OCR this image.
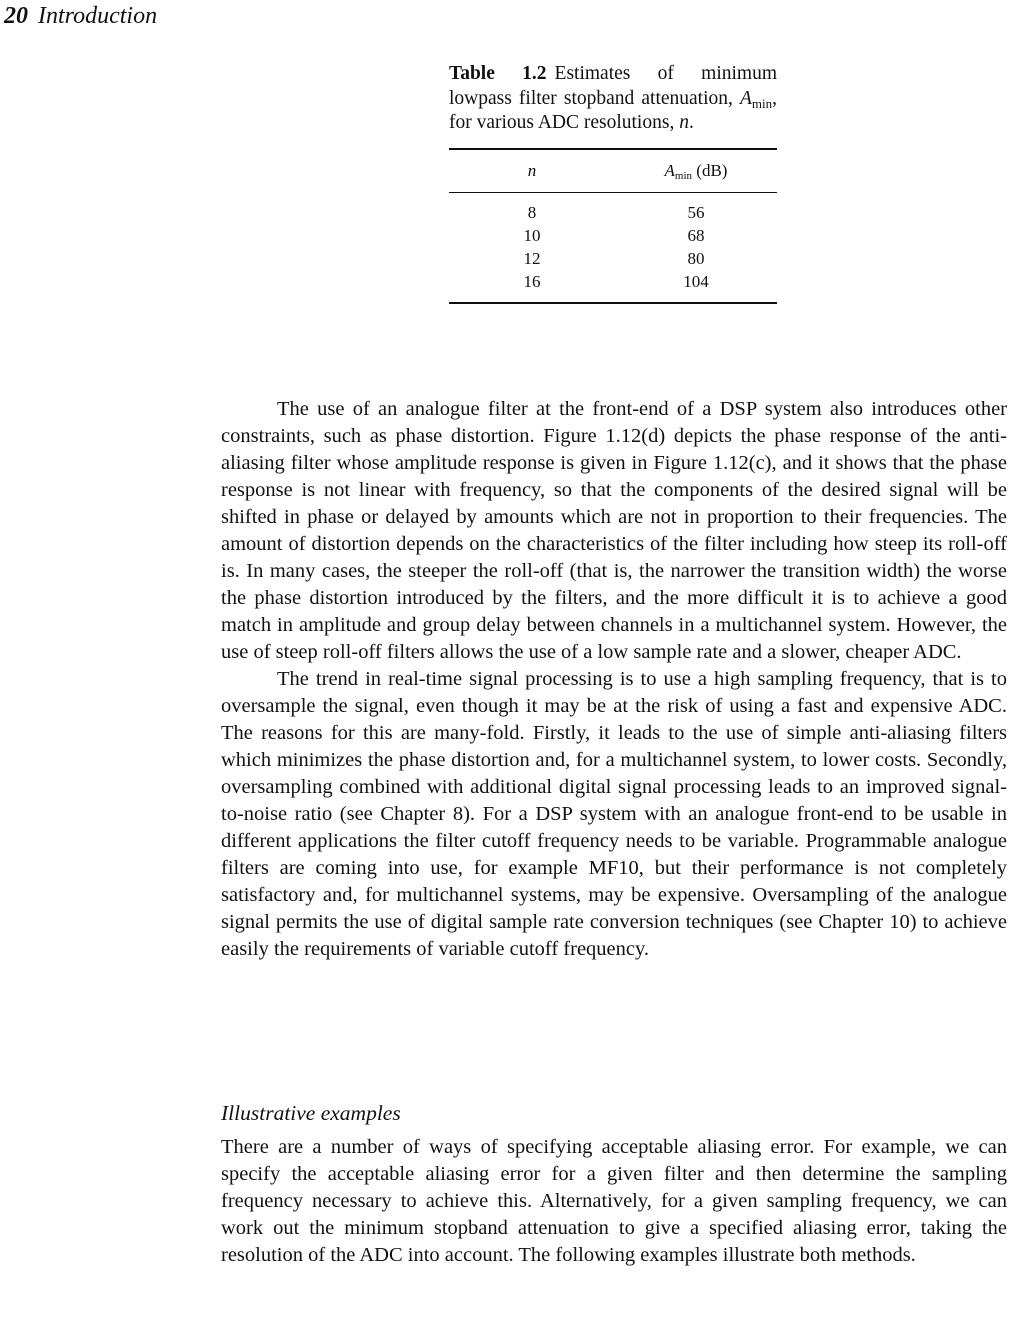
20 Introduction
Table 1.2 Estimates of minimum lowpass filter stopband attenuation, $A_{min}$, for various ADC resolutions, n.
n	$A_{min}$ (dB)
8	56
10	68
12	80
16	104

The use of an analogue filter at the front-end of a DSP system also introduces other constraints, such as phase distortion. Figure 1.12(d) depicts the phase response of the anti-aliasing filter whose amplitude response is given in Figure 1.12(c), and it shows that the phase response is not linear with frequency, so that the components of the desired signal will be shifted in phase or delayed by amounts which are not in proportion to their frequencies. The amount of distortion depends on the characteristics of the filter including how steep its roll-off is. In many cases, the steeper the roll-off (that is, the narrower the transition width) the worse the phase distortion introduced by the filters, and the more difficult it is to achieve a good match in amplitude and group delay between channels in a multichannel system. However, the use of steep roll-off filters allows the use of a low sample rate and a slower, cheaper ADC.

The trend in real-time signal processing is to use a high sampling frequency, that is to oversample the signal, even though it may be at the risk of using a fast and expensive ADC. The reasons for this are many-fold. Firstly, it leads to the use of simple anti-aliasing filters which minimizes the phase distortion and, for a multichannel system, to lower costs. Secondly, oversampling combined with additional digital signal processing leads to an improved signal-to-noise ratio (see Chapter 8). For a DSP system with an analogue front-end to be usable in different applications the filter cutoff frequency needs to be variable. Programmable analogue filters are coming into use, for example MF10, but their performance is not completely satisfactory and, for multichannel systems, may be expensive. Oversampling of the analogue signal permits the use of digital sample rate conversion techniques (see Chapter 10) to achieve easily the requirements of variable cutoff frequency.

Illustrative examples

There are a number of ways of specifying acceptable aliasing error. For example, we can specify the acceptable aliasing error for a given filter and then determine the sampling frequency necessary to achieve this. Alternatively, for a given sampling frequency, we can work out the minimum stopband attenuation to give a specified aliasing error, taking the resolution of the ADC into account. The following examples illustrate both methods.
